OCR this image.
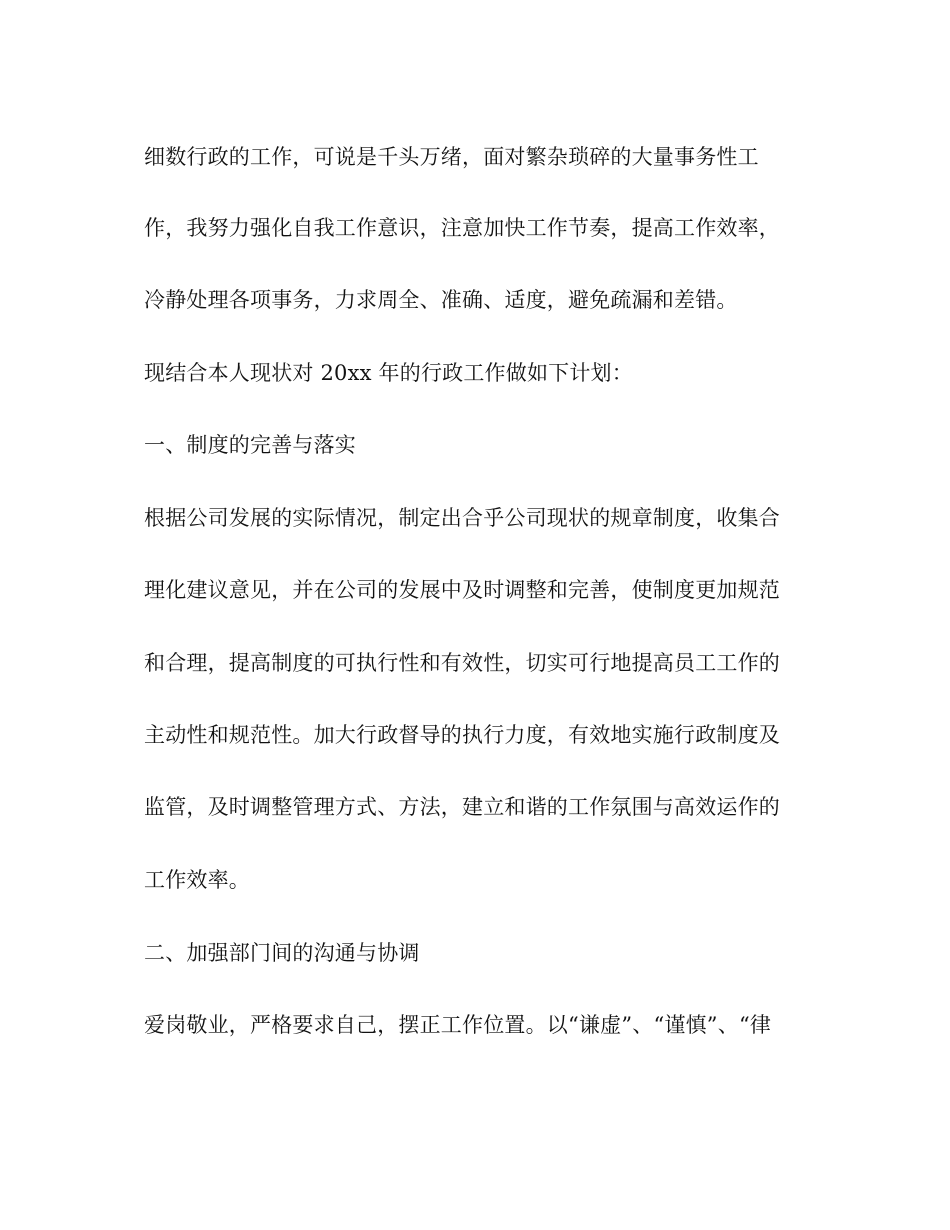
细数行政的工作，可说是千头万绪，面对繁杂琐碎的大量事务性工
作，我努力强化自我工作意识，注意加快工作节奏，提高工作效率，
冷静处理各项事务，力求周全、准确、适度，避免疏漏和差错。
现结合本人现状对 20xx 年的行政工作做如下计划：
一、制度的完善与落实
根据公司发展的实际情况，制定出合乎公司现状的规章制度，收集合
理化建议意见，并在公司的发展中及时调整和完善，使制度更加规范
和合理，提高制度的可执行性和有效性，切实可行地提高员工工作的
主动性和规范性。加大行政督导的执行力度，有效地实施行政制度及
监管，及时调整管理方式、方法，建立和谐的工作氛围与高效运作的
工作效率。
二、加强部门间的沟通与协调
爱岗敬业，严格要求自己，摆正工作位置。以“谦虚”、“谨慎”、“律
